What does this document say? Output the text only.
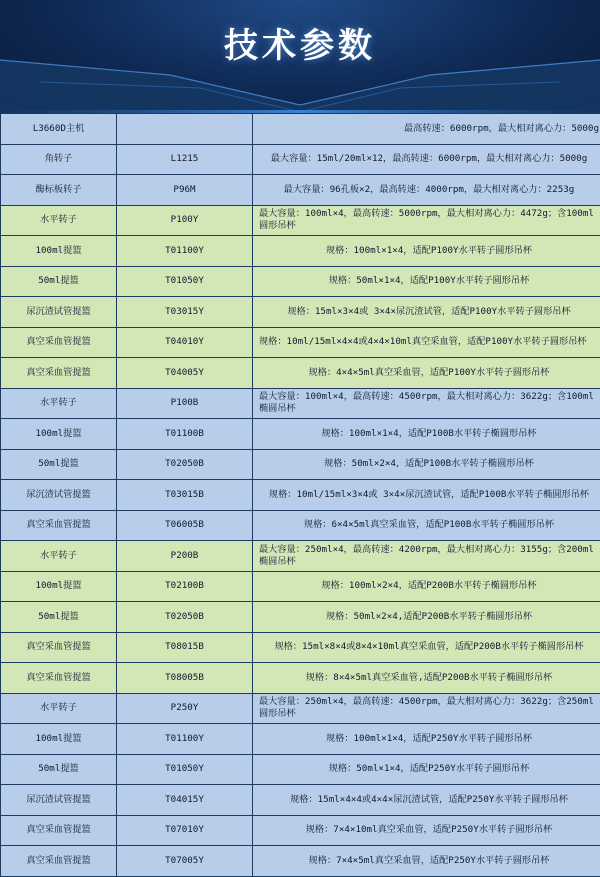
技术参数
L3660D主机		最高转速：6000rpm，最大相对离心力：5000g
角转子	L1215	最大容量：15ml/20ml×12，最高转速：6000rpm，最大相对离心力：5000g
酶标板转子	P96M	最大容量：96孔板×2，最高转速：4000rpm，最大相对离心力：2253g
水平转子	P100Y	最大容量：100ml×4，最高转速：5000rpm，最大相对离心力：4472g；含100ml圆形吊杯
100ml提篮	T01100Y	规格：100ml×1×4，适配P100Y水平转子圆形吊杯
50ml提篮	T01050Y	规格：50ml×1×4，适配P100Y水平转子圆形吊杯
尿沉渣试管提篮	T03015Y	规格：15ml×3×4或 3×4×尿沉渣试管，适配P100Y水平转子圆形吊杯
真空采血管提篮	T04010Y	规格：10ml/15ml×4×4或4×4×10ml真空采血管，适配P100Y水平转子圆形吊杯
真空采血管提篮	T04005Y	规格：4×4×5ml真空采血管，适配P100Y水平转子圆形吊杯
水平转子	P100B	最大容量：100ml×4，最高转速：4500rpm，最大相对离心力：3622g；含100ml椭圆吊杯
100ml提篮	T01100B	规格：100ml×1×4，适配P100B水平转子椭圆形吊杯
50ml提篮	T02050B	规格：50ml×2×4，适配P100B水平转子椭圆形吊杯
尿沉渣试管提篮	T03015B	规格：10ml/15ml×3×4或 3×4×尿沉渣试管，适配P100B水平转子椭圆形吊杯
真空采血管提篮	T06005B	规格：6×4×5ml真空采血管，适配P100B水平转子椭圆形吊杯
水平转子	P200B	最大容量：250ml×4，最高转速：4200rpm，最大相对离心力：3155g；含200ml椭圆吊杯
100ml提篮	T02100B	规格：100ml×2×4，适配P200B水平转子椭圆形吊杯
50ml提篮	T02050B	规格：50ml×2×4,适配P200B水平转子椭圆形吊杯
真空采血管提篮	T08015B	规格：15ml×8×4或8×4×10ml真空采血管，适配P200B水平转子椭圆形吊杯
真空采血管提篮	T08005B	规格：8×4×5ml真空采血管,适配P200B水平转子椭圆形吊杯
水平转子	P250Y	最大容量：250ml×4，最高转速：4500rpm，最大相对离心力：3622g；含250ml圆形吊杯
100ml提篮	T01100Y	规格：100ml×1×4，适配P250Y水平转子圆形吊杯
50ml提篮	T01050Y	规格：50ml×1×4，适配P250Y水平转子圆形吊杯
尿沉渣试管提篮	T04015Y	规格：15ml×4×4或4×4×尿沉渣试管，适配P250Y水平转子圆形吊杯
真空采血管提篮	T07010Y	规格：7×4×10ml真空采血管，适配P250Y水平转子圆形吊杯
真空采血管提篮	T07005Y	规格：7×4×5ml真空采血管，适配P250Y水平转子圆形吊杯
